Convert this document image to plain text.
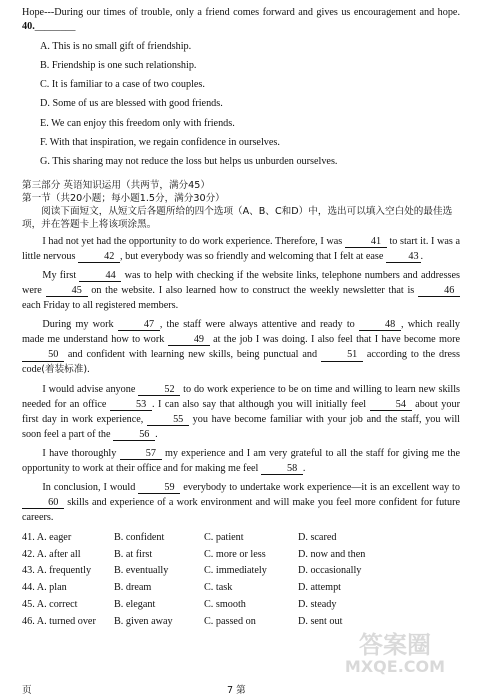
Hope---During our times of trouble, only a friend comes forward and gives us encouragement and hope. 40.________

A. This is no small gift of friendship.
B. Friendship is one such relationship.
C. It is familiar to a case of two couples.
D. Some of us are blessed with good friends.
E. We can enjoy this freedom only with friends.
F. With that inspiration, we regain confidence in ourselves.
G. This sharing may not reduce the loss but helps us unburden ourselves.
第三部分 英语知识运用（共两节，满分45）
第一节（共20小题；每小题1.5分，满分30分）
阅读下面短文，从短文后各题所给的四个选项（A、B、C和D）中，选出可以填入空白处的最佳选项，并在答题卡上将该项涂黑。

I had not yet had the opportunity to do work experience. Therefore, I was	41 to start it. I was a little nervous	42 , but everybody was so friendly and welcoming that I felt at ease 43 .

My first	44 was to help with checking if the website links, telephone numbers and addresses were	45 on the website. I also learned how to construct the weekly newsletter that is	46 each Friday to all registered members.

During my work	47 , the staff were always attentive and ready to	48 , which really made me understand how to work	49 at the job I was doing. I also feel that I have become more 50 and confident with learning new skills, being punctual and	51 according to the dress code(着装标准).

I would advise anyone	52 to do work experience to be on time and willing to learn new skills needed for an office	53 . I can also say that although you will initially feel	54 about your first day in work experience,	55 you have become familiar with your job and the staff, you will soon feel a part of the	56 .

I have thoroughly	57 my experience and I am very grateful to all the staff for giving me the opportunity to work at their office and for making me feel	58 .

In conclusion, I would	59 everybody to undertake work experience—it is an excellent way to 60 skills and experience of a work environment and will make you feel more confident for future careers.

41. A. eager	B. confident	C. patient	D. scared
42. A. after all	B. at first	C. more or less	D. now and then
43. A. frequently	B. eventually	C. immediately	D. occasionally
44. A. plan	B. dream	C. task	D. attempt
45. A. correct	B. elegant	C. smooth	D. steady
46. A. turned over	B. given away	C. passed on	D. sent out
页	7 第
答案圈
MXQE.COM
